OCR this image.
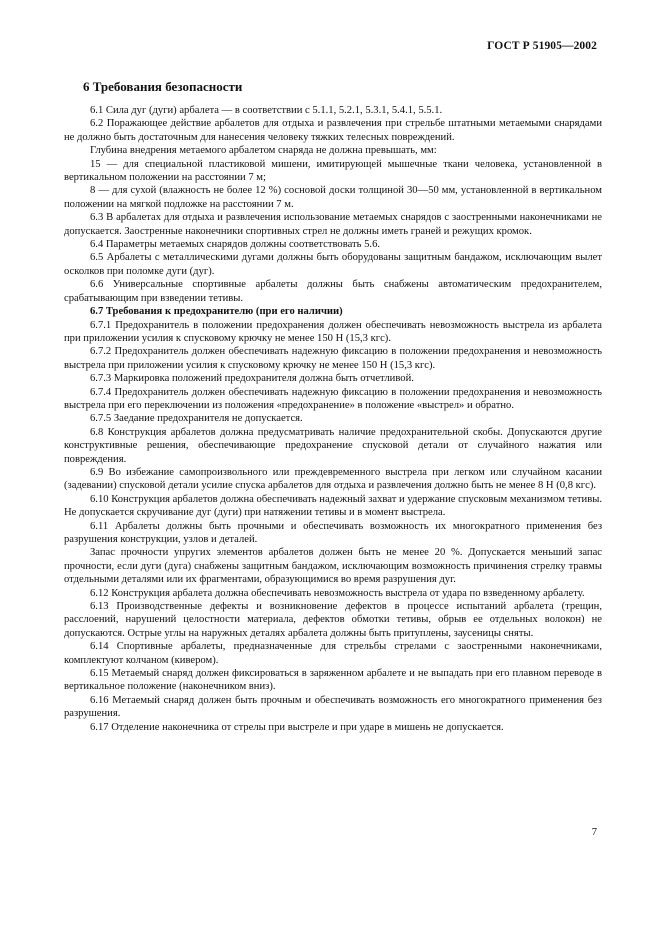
ГОСТ Р 51905—2002
6 Требования безопасности

6.1 Сила дуг (дуги) арбалета — в соответствии с 5.1.1, 5.2.1, 5.3.1, 5.4.1, 5.5.1.

6.2 Поражающее действие арбалетов для отдыха и развлечения при стрельбе штатными метаемыми снарядами не должно быть достаточным для нанесения человеку тяжких телесных повреждений.

Глубина внедрения метаемого арбалетом снаряда не должна превышать, мм:

15 — для специальной пластиковой мишени, имитирующей мышечные ткани человека, установленной в вертикальном положении на расстоянии 7 м;

8 — для сухой (влажность не более 12 %) сосновой доски толщиной 30—50 мм, установленной в вертикальном положении на мягкой подложке на расстоянии 7 м.

6.3 В арбалетах для отдыха и развлечения использование метаемых снарядов с заостренными наконечниками не допускается. Заостренные наконечники спортивных стрел не должны иметь граней и режущих кромок.

6.4 Параметры метаемых снарядов должны соответствовать 5.6.

6.5 Арбалеты с металлическими дугами должны быть оборудованы защитным бандажом, исключающим вылет осколков при поломке дуги (дуг).

6.6 Универсальные спортивные арбалеты должны быть снабжены автоматическим предохранителем, срабатывающим при взведении тетивы.

6.7 Требования к предохранителю (при его наличии)

6.7.1 Предохранитель в положении предохранения должен обеспечивать невозможность выстрела из арбалета при приложении усилия к спусковому крючку не менее 150 Н (15,3 кгс).

6.7.2 Предохранитель должен обеспечивать надежную фиксацию в положении предохранения и невозможность выстрела при приложении усилия к спусковому крючку не менее 150 Н (15,3 кгс).

6.7.3 Маркировка положений предохранителя должна быть отчетливой.

6.7.4 Предохранитель должен обеспечивать надежную фиксацию в положении предохранения и невозможность выстрела при его переключении из положения «предохранение» в положение «выстрел» и обратно.

6.7.5 Заедание предохранителя не допускается.

6.8 Конструкция арбалетов должна предусматривать наличие предохранительной скобы. Допускаются другие конструктивные решения, обеспечивающие предохранение спусковой детали от случайного нажатия или повреждения.

6.9 Во избежание самопроизвольного или преждевременного выстрела при легком или случайном касании (задевании) спусковой детали усилие спуска арбалетов для отдыха и развлечения должно быть не менее 8 Н (0,8 кгс).

6.10 Конструкция арбалетов должна обеспечивать надежный захват и удержание спусковым механизмом тетивы. Не допускается скручивание дуг (дуги) при натяжении тетивы и в момент выстрела.

6.11 Арбалеты должны быть прочными и обеспечивать возможность их многократного применения без разрушения конструкции, узлов и деталей.

Запас прочности упругих элементов арбалетов должен быть не менее 20 %. Допускается меньший запас прочности, если дуги (дуга) снабжены защитным бандажом, исключающим возможность причинения стрелку травмы отдельными деталями или их фрагментами, образующимися во время разрушения дуг.

6.12 Конструкция арбалета должна обеспечивать невозможность выстрела от удара по взведенному арбалету.

6.13 Производственные дефекты и возникновение дефектов в процессе испытаний арбалета (трещин, расслоений, нарушений целостности материала, дефектов обмотки тетивы, обрыв ее отдельных волокон) не допускаются. Острые углы на наружных деталях арбалета должны быть притуплены, заусеницы сняты.

6.14 Спортивные арбалеты, предназначенные для стрельбы стрелами с заостренными наконечниками, комплектуют колчаном (кивером).

6.15 Метаемый снаряд должен фиксироваться в заряженном арбалете и не выпадать при его плавном переводе в вертикальное положение (наконечником вниз).

6.16 Метаемый снаряд должен быть прочным и обеспечивать возможность его многократного применения без разрушения.

6.17 Отделение наконечника от стрелы при выстреле и при ударе в мишень не допускается.

7
